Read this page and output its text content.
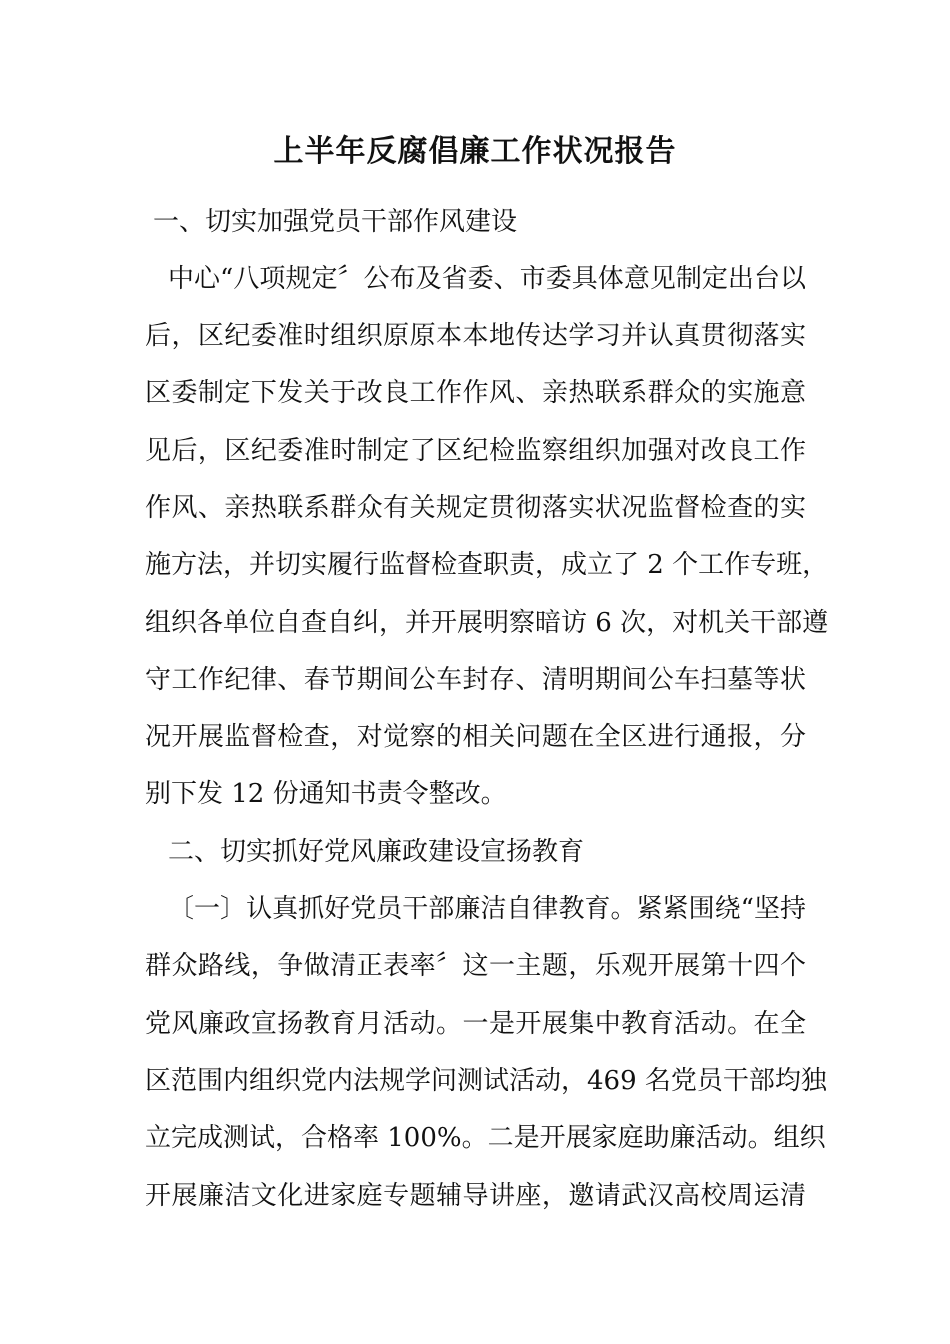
上半年反腐倡廉工作状况报告
一、切实加强党员干部作风建设
中心“八项规定〞公布及省委、市委具体意见制定出台以
后，区纪委准时组织原原本本地传达学习并认真贯彻落实
区委制定下发关于改良工作作风、亲热联系群众的实施意
见后，区纪委准时制定了区纪检监察组织加强对改良工作
作风、亲热联系群众有关规定贯彻落实状况监督检查的实
施方法，并切实履行监督检查职责，成立了 2 个工作专班，
组织各单位自查自纠，并开展明察暗访 6 次，对机关干部遵
守工作纪律、春节期间公车封存、清明期间公车扫墓等状
况开展监督检查，对觉察的相关问题在全区进行通报，分
别下发 12 份通知书责令整改。
二、切实抓好党风廉政建设宣扬教育
〔一〕认真抓好党员干部廉洁自律教育。紧紧围绕“坚持
群众路线，争做清正表率〞这一主题，乐观开展第十四个
党风廉政宣扬教育月活动。一是开展集中教育活动。在全
区范围内组织党内法规学问测试活动，469 名党员干部均独
立完成测试，合格率 100%。二是开展家庭助廉活动。组织
开展廉洁文化进家庭专题辅导讲座，邀请武汉高校周运清
